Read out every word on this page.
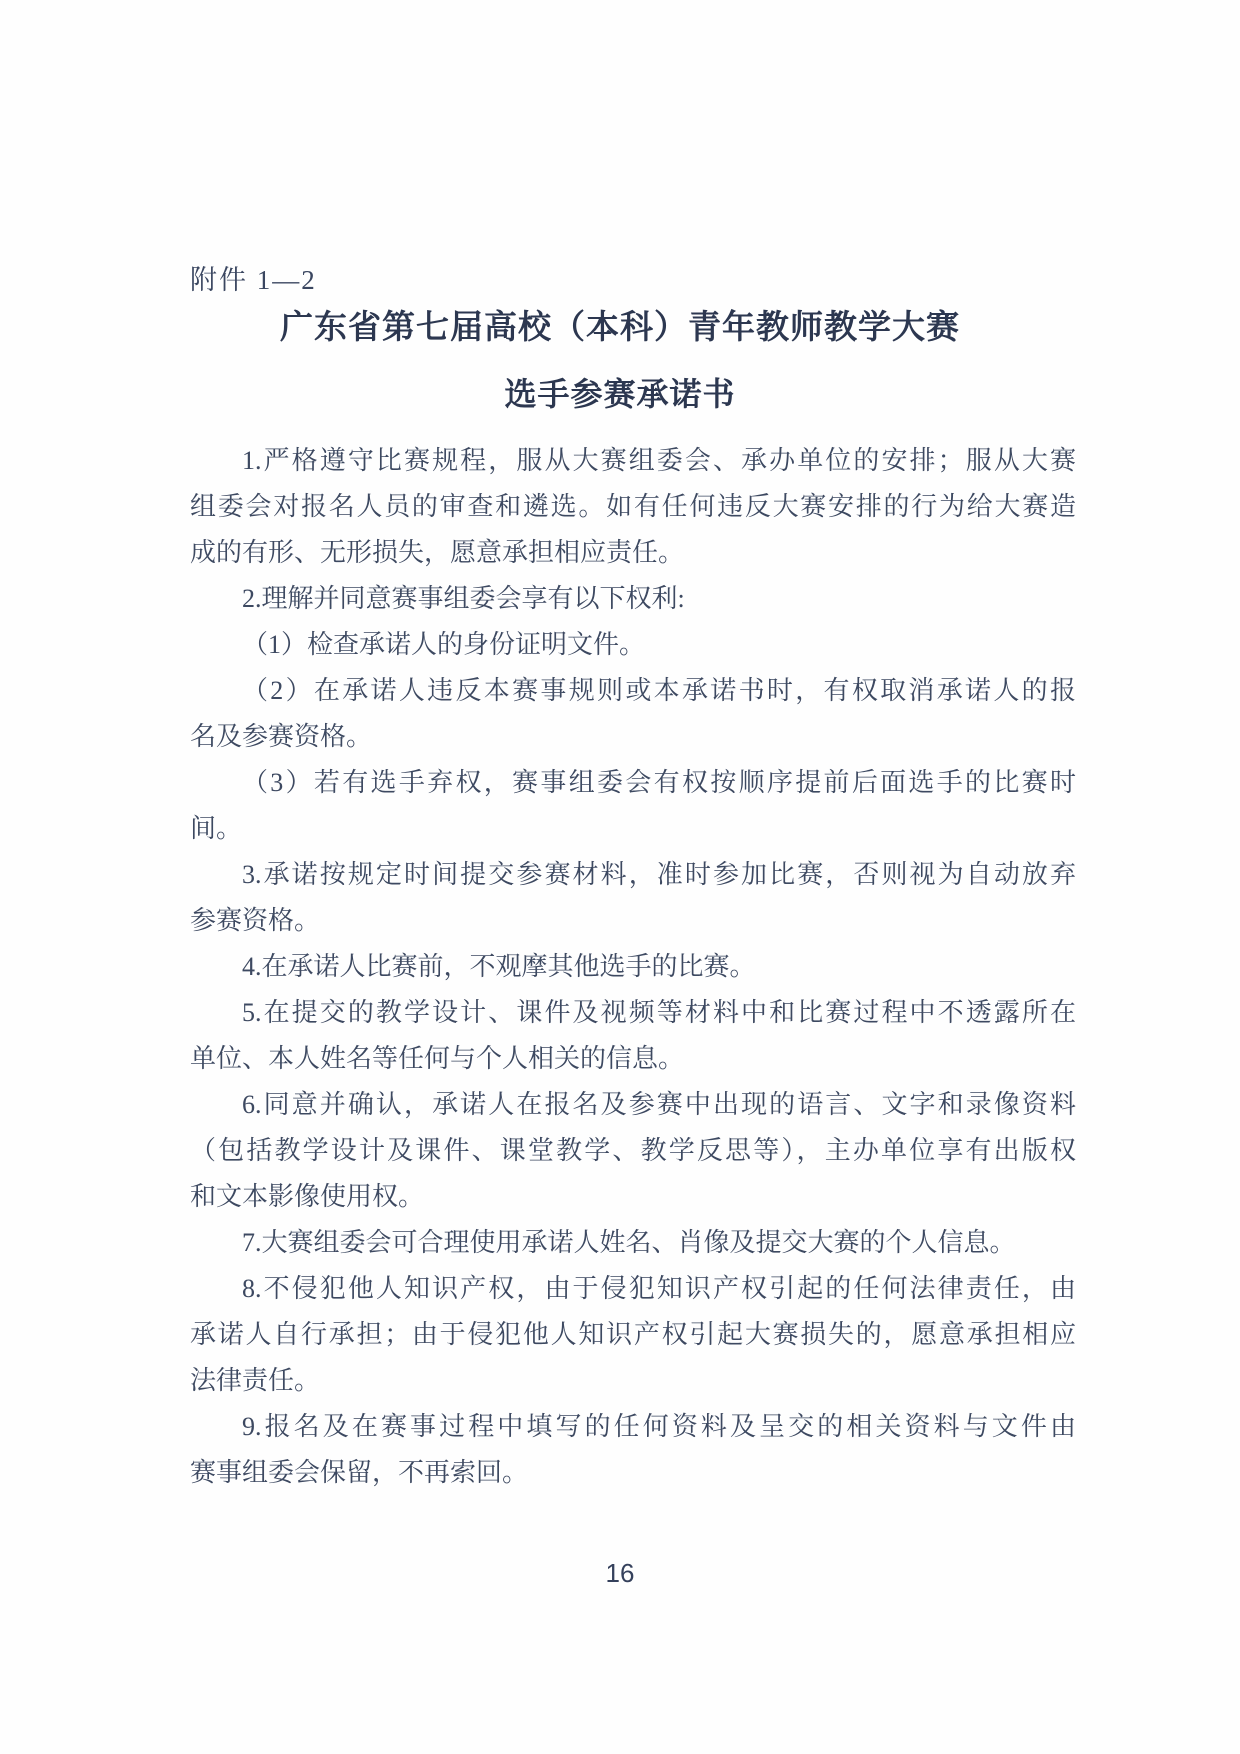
附件 1—2
广东省第七届高校（本科）青年教师教学大赛
选手参赛承诺书
1.严格遵守比赛规程，服从大赛组委会、承办单位的安排；服从大赛
组委会对报名人员的审查和遴选。如有任何违反大赛安排的行为给大赛造
成的有形、无形损失，愿意承担相应责任。
2.理解并同意赛事组委会享有以下权利:
（1）检查承诺人的身份证明文件。
（2）在承诺人违反本赛事规则或本承诺书时，有权取消承诺人的报
名及参赛资格。
（3）若有选手弃权，赛事组委会有权按顺序提前后面选手的比赛时
间。
3.承诺按规定时间提交参赛材料，准时参加比赛，否则视为自动放弃
参赛资格。
4.在承诺人比赛前，不观摩其他选手的比赛。
5.在提交的教学设计、课件及视频等材料中和比赛过程中不透露所在
单位、本人姓名等任何与个人相关的信息。
6.同意并确认，承诺人在报名及参赛中出现的语言、文字和录像资料
（包括教学设计及课件、课堂教学、教学反思等），主办单位享有出版权
和文本影像使用权。
7.大赛组委会可合理使用承诺人姓名、肖像及提交大赛的个人信息。
8.不侵犯他人知识产权，由于侵犯知识产权引起的任何法律责任，由
承诺人自行承担；由于侵犯他人知识产权引起大赛损失的，愿意承担相应
法律责任。
9.报名及在赛事过程中填写的任何资料及呈交的相关资料与文件由
赛事组委会保留，不再索回。
16
